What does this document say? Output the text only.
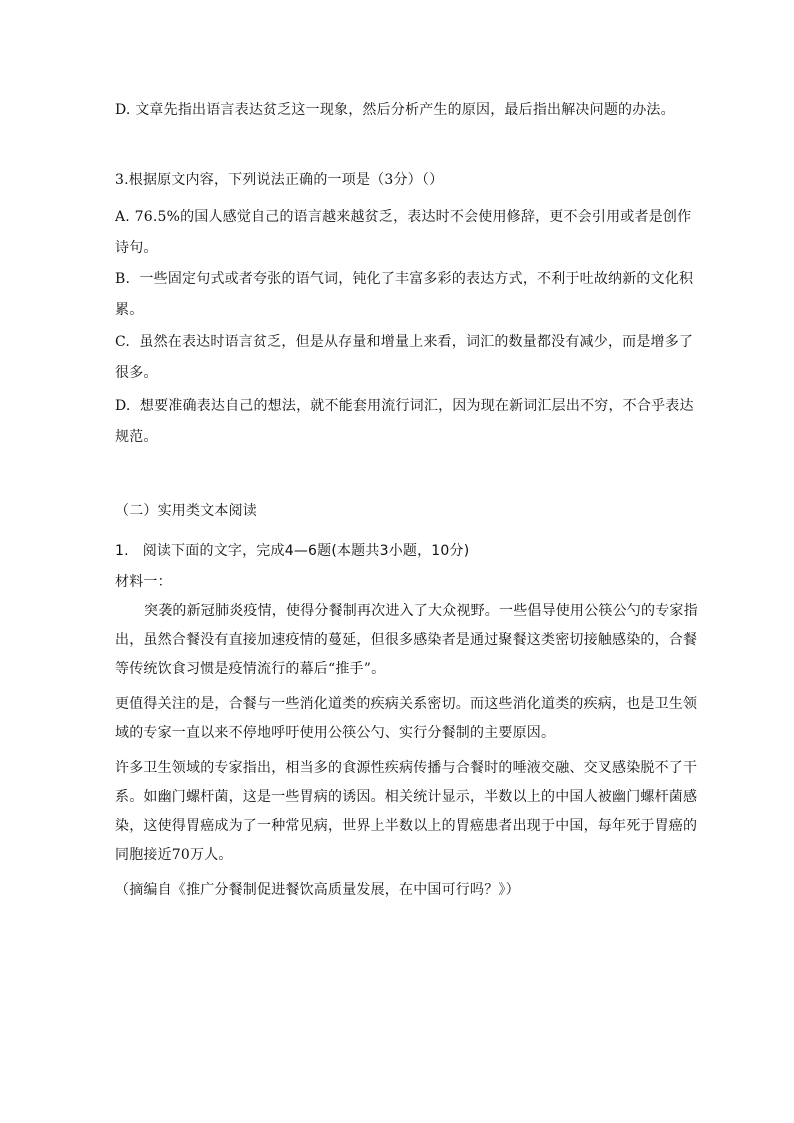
D. 文章先指出语言表达贫乏这一现象，然后分析产生的原因，最后指出解决问题的办法。

3.根据原文内容，下列说法正确的一项是（3分）（）

A. 76.5%的国人感觉自己的语言越来越贫乏，表达时不会使用修辞，更不会引用或者是创作诗句。

B.  一些固定句式或者夸张的语气词，钝化了丰富多彩的表达方式，不利于吐故纳新的文化积累。

C.  虽然在表达时语言贫乏，但是从存量和增量上来看，词汇的数量都没有减少，而是增多了很多。

D.  想要准确表达自己的想法，就不能套用流行词汇，因为现在新词汇层出不穷，不合乎表达规范。

（二）实用类文本阅读

1.   阅读下面的文字，完成4—6题(本题共3小题，10分)

材料一：

突袭的新冠肺炎疫情，使得分餐制再次进入了大众视野。一些倡导使用公筷公勺的专家指出，虽然合餐没有直接加速疫情的蔓延，但很多感染者是通过聚餐这类密切接触感染的，合餐等传统饮食习惯是疫情流行的幕后“推手”。

更值得关注的是，合餐与一些消化道类的疾病关系密切。而这些消化道类的疾病，也是卫生领域的专家一直以来不停地呼吁使用公筷公勺、实行分餐制的主要原因。

许多卫生领域的专家指出，相当多的食源性疾病传播与合餐时的唾液交融、交叉感染脱不了干系。如幽门螺杆菌，这是一些胃病的诱因。相关统计显示，半数以上的中国人被幽门螺杆菌感染，这使得胃癌成为了一种常见病，世界上半数以上的胃癌患者出现于中国，每年死于胃癌的同胞接近70万人。

（摘编自《推广分餐制促进餐饮高质量发展，在中国可行吗？》）
